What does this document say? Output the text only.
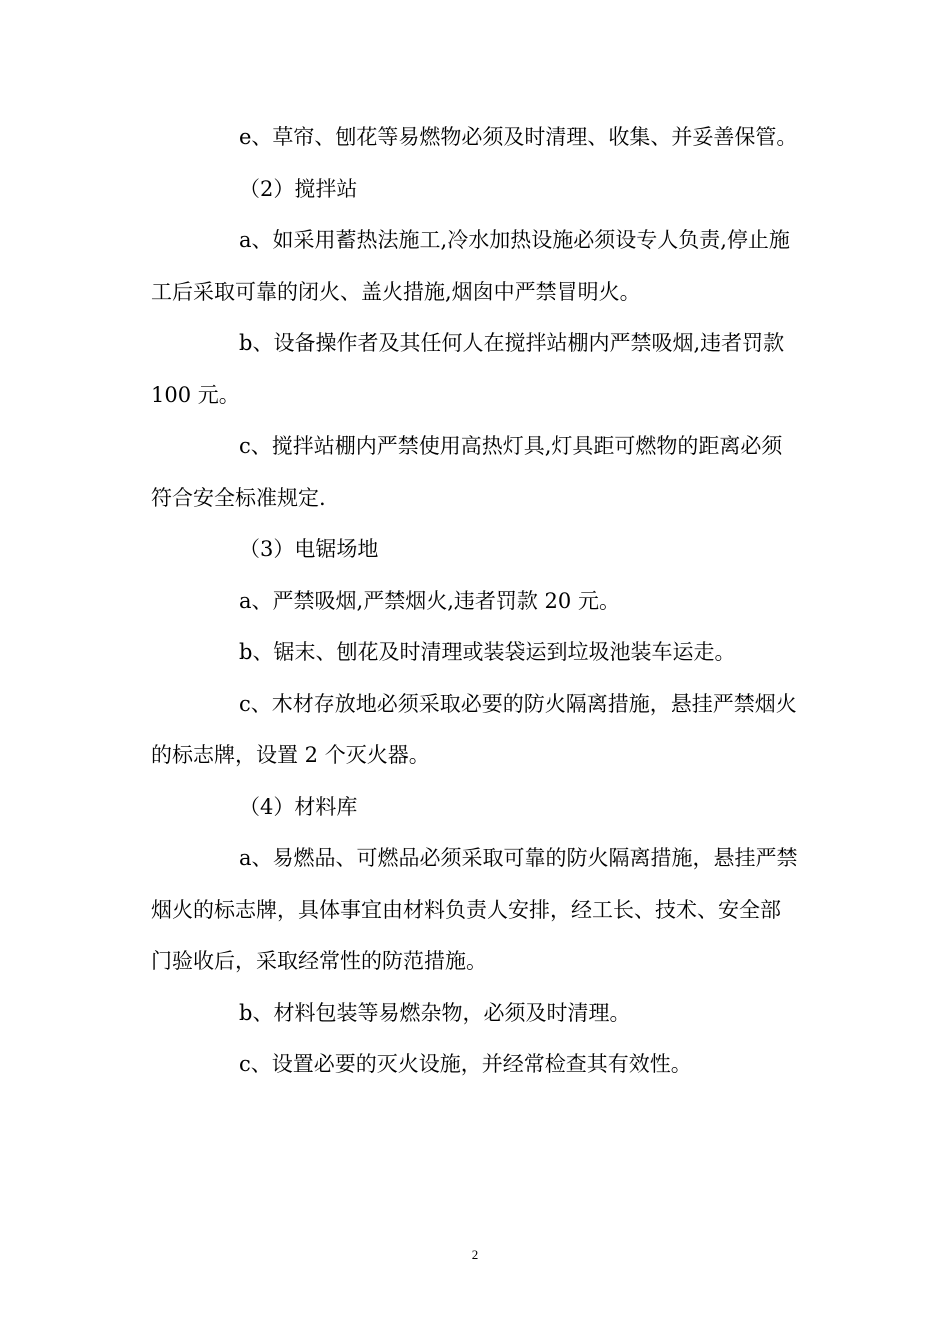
e、草帘、刨花等易燃物必须及时清理、收集、并妥善保管。

（2）搅拌站

a、如采用蓄热法施工,冷水加热设施必须设专人负责,停止施工后采取可靠的闭火、盖火措施,烟囱中严禁冒明火。

b、设备操作者及其任何人在搅拌站棚内严禁吸烟,违者罚款 100 元。

c、搅拌站棚内严禁使用高热灯具,灯具距可燃物的距离必须符合安全标准规定.

（3）电锯场地

a、严禁吸烟,严禁烟火,违者罚款 20 元。

b、锯末、刨花及时清理或装袋运到垃圾池装车运走。

c、木材存放地必须采取必要的防火隔离措施，悬挂严禁烟火的标志牌，设置 2 个灭火器。

（4）材料库

a、易燃品、可燃品必须采取可靠的防火隔离措施，悬挂严禁烟火的标志牌，具体事宜由材料负责人安排，经工长、技术、安全部门验收后，采取经常性的防范措施。

b、材料包装等易燃杂物，必须及时清理。

c、设置必要的灭火设施，并经常检查其有效性。

2
